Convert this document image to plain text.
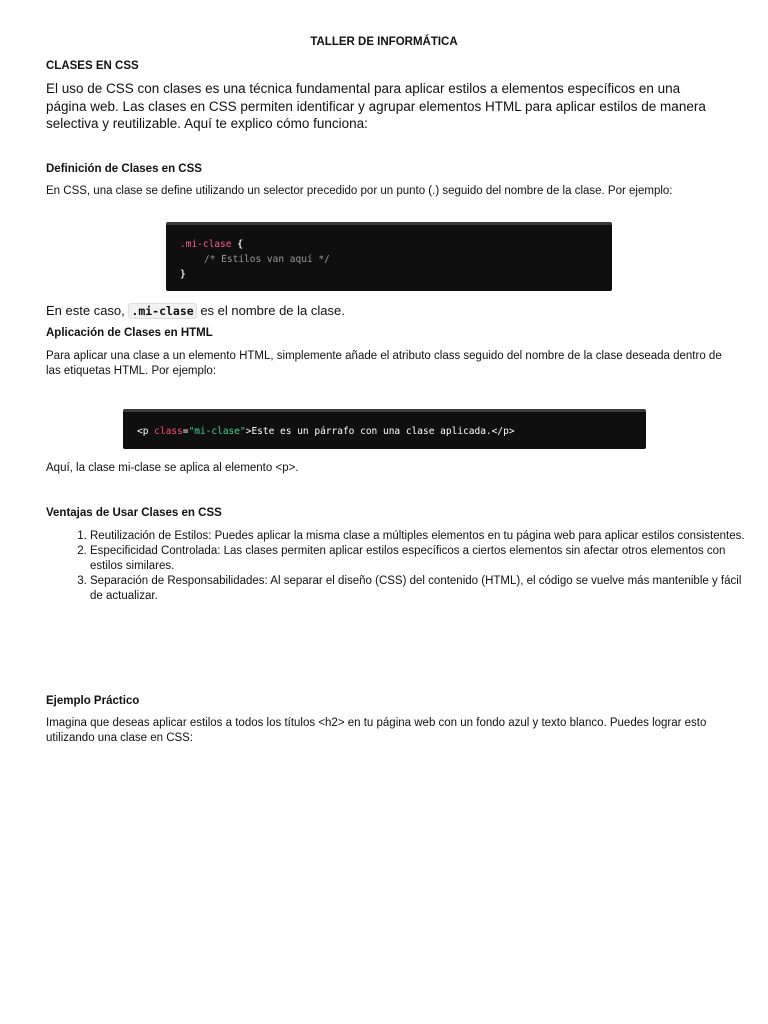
TALLER DE INFORMÁTICA
CLASES EN CSS
El uso de CSS con clases es una técnica fundamental para aplicar estilos a elementos específicos en una página web. Las clases en CSS permiten identificar y agrupar elementos HTML para aplicar estilos de manera selectiva y reutilizable. Aquí te explico cómo funciona:
Definición de Clases en CSS
En CSS, una clase se define utilizando un selector precedido por un punto (.) seguido del nombre de la clase. Por ejemplo:
.mi-clase {
/* Estilos van aquí */
}
En este caso, .mi-clase es el nombre de la clase.
Aplicación de Clases en HTML
Para aplicar una clase a un elemento HTML, simplemente añade el atributo class seguido del nombre de la clase deseada dentro de las etiquetas HTML. Por ejemplo:
<p class="mi-clase">Este es un párrafo con una clase aplicada.</p>
Aquí, la clase mi-clase se aplica al elemento <p>.
Ventajas de Usar Clases en CSS
1. Reutilización de Estilos: Puedes aplicar la misma clase a múltiples elementos en tu página web para aplicar estilos consistentes.
2. Especificidad Controlada: Las clases permiten aplicar estilos específicos a ciertos elementos sin afectar otros elementos con estilos similares.
3. Separación de Responsabilidades: Al separar el diseño (CSS) del contenido (HTML), el código se vuelve más mantenible y fácil de actualizar.
Ejemplo Práctico
Imagina que deseas aplicar estilos a todos los títulos <h2> en tu página web con un fondo azul y texto blanco. Puedes lograr esto utilizando una clase en CSS:
